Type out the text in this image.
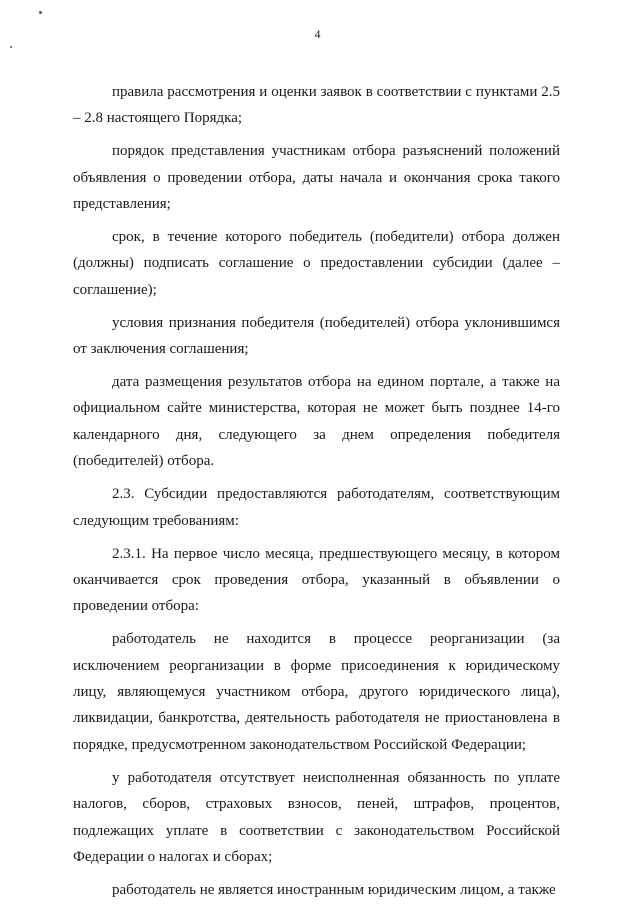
4

правила рассмотрения и оценки заявок в соответствии с пунктами 2.5 – 2.8 настоящего Порядка;

порядок представления участникам отбора разъяснений положений объявления о проведении отбора, даты начала и окончания срока такого представления;

срок, в течение которого победитель (победители) отбора должен (должны) подписать соглашение о предоставлении субсидии (далее – соглашение);

условия признания победителя (победителей) отбора уклонившимся от заключения соглашения;

дата размещения результатов отбора на едином портале, а также на официальном сайте министерства, которая не может быть позднее 14-го календарного дня, следующего за днем определения победителя (победителей) отбора.

2.3. Субсидии предоставляются работодателям, соответствующим следующим требованиям:

2.3.1. На первое число месяца, предшествующего месяцу, в котором оканчивается срок проведения отбора, указанный в объявлении о проведении отбора:

работодатель не находится в процессе реорганизации (за исключением реорганизации в форме присоединения к юридическому лицу, являющемуся участником отбора, другого юридического лица), ликвидации, банкротства, деятельность работодателя не приостановлена в порядке, предусмотренном законодательством Российской Федерации;

у работодателя отсутствует неисполненная обязанность по уплате налогов, сборов, страховых взносов, пеней, штрафов, процентов, подлежащих уплате в соответствии с законодательством Российской Федерации о налогах и сборах;

работодатель не является иностранным юридическим лицом, а также
